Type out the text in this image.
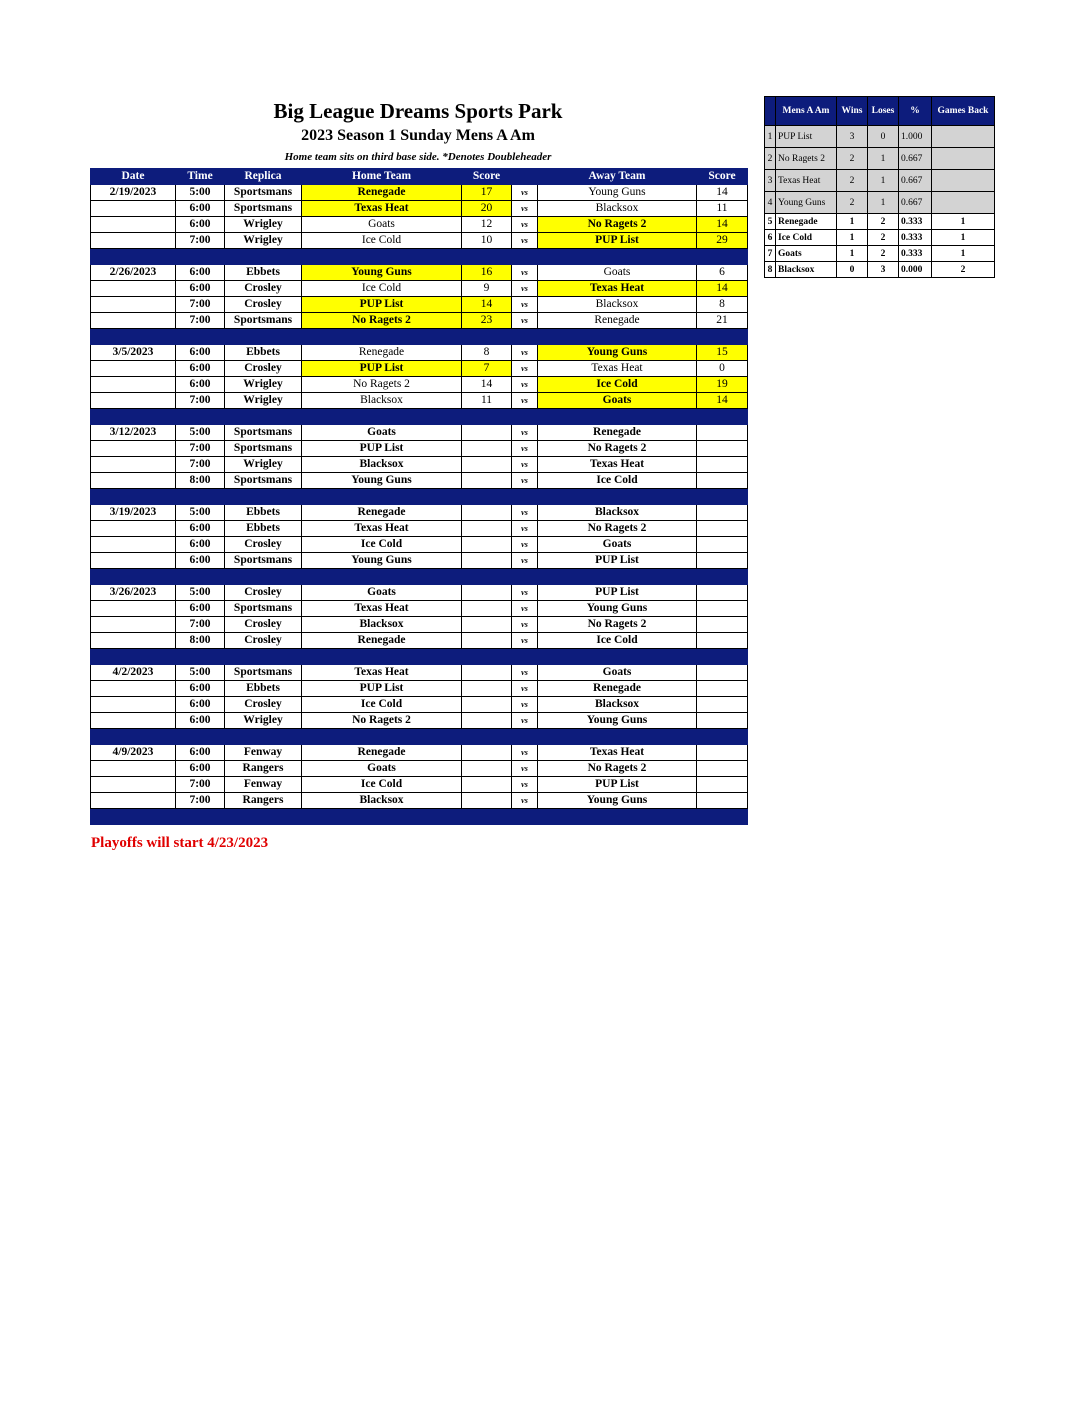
Big League Dreams Sports Park
2023 Season 1 Sunday Mens A Am
Home team sits on third base side. *Denotes Doubleheader
Date	Time	Replica	Home Team	Score		Away Team	Score
2/19/2023	5:00	Sportsmans	Renegade	17	vs	Young Guns	14
	6:00	Sportsmans	Texas Heat	20	vs	Blacksox	11
	6:00	Wrigley	Goats	12	vs	No Ragets 2	14
	7:00	Wrigley	Ice Cold	10	vs	PUP List	29

2/26/2023	6:00	Ebbets	Young Guns	16	vs	Goats	6
	6:00	Crosley	Ice Cold	9	vs	Texas Heat	14
	7:00	Crosley	PUP List	14	vs	Blacksox	8
	7:00	Sportsmans	No Ragets 2	23	vs	Renegade	21

3/5/2023	6:00	Ebbets	Renegade	8	vs	Young Guns	15
	6:00	Crosley	PUP List	7	vs	Texas Heat	0
	6:00	Wrigley	No Ragets 2	14	vs	Ice Cold	19
	7:00	Wrigley	Blacksox	11	vs	Goats	14

3/12/2023	5:00	Sportsmans	Goats		vs	Renegade	
	7:00	Sportsmans	PUP List		vs	No Ragets 2	
	7:00	Wrigley	Blacksox		vs	Texas Heat	
	8:00	Sportsmans	Young Guns		vs	Ice Cold	

3/19/2023	5:00	Ebbets	Renegade		vs	Blacksox	
	6:00	Ebbets	Texas Heat		vs	No Ragets 2	
	6:00	Crosley	Ice Cold		vs	Goats	
	6:00	Sportsmans	Young Guns		vs	PUP List	

3/26/2023	5:00	Crosley	Goats		vs	PUP List	
	6:00	Sportsmans	Texas Heat		vs	Young Guns	
	7:00	Crosley	Blacksox		vs	No Ragets 2	
	8:00	Crosley	Renegade		vs	Ice Cold	

4/2/2023	5:00	Sportsmans	Texas Heat		vs	Goats	
	6:00	Ebbets	PUP List		vs	Renegade	
	6:00	Crosley	Ice Cold		vs	Blacksox	
	6:00	Wrigley	No Ragets 2		vs	Young Guns	

4/9/2023	6:00	Fenway	Renegade		vs	Texas Heat	
	6:00	Rangers	Goats		vs	No Ragets 2	
	7:00	Fenway	Ice Cold		vs	PUP List	
	7:00	Rangers	Blacksox		vs	Young Guns	

	Mens A Am	Wins	Loses	%	Games Back
1	PUP List	3	0	1.000	
2	No Ragets 2	2	1	0.667	
3	Texas Heat	2	1	0.667	
4	Young Guns	2	1	0.667	
5	Renegade	1	2	0.333	1
6	Ice Cold	1	2	0.333	1
7	Goats	1	2	0.333	1
8	Blacksox	0	3	0.000	2
Playoffs will start 4/23/2023
